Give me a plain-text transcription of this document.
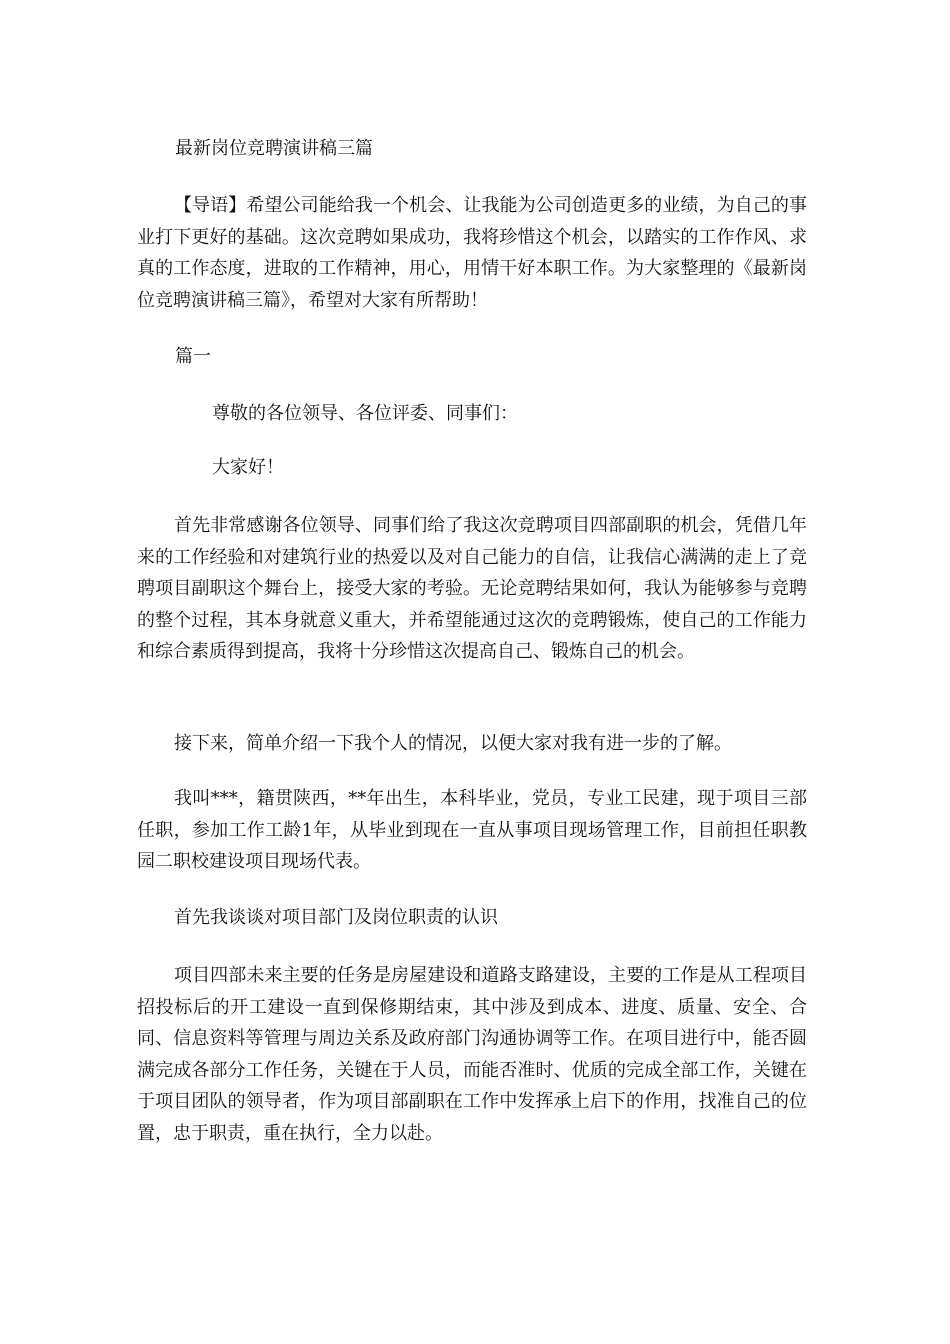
最新岗位竞聘演讲稿三篇

【导语】希望公司能给我一个机会、让我能为公司创造更多的业绩，为自己的事业打下更好的基础。这次竞聘如果成功，我将珍惜这个机会，以踏实的工作作风、求真的工作态度，进取的工作精神，用心，用情干好本职工作。为大家整理的《最新岗位竞聘演讲稿三篇》，希望对大家有所帮助！

篇一

尊敬的各位领导、各位评委、同事们：

大家好！

首先非常感谢各位领导、同事们给了我这次竞聘项目四部副职的机会，凭借几年来的工作经验和对建筑行业的热爱以及对自己能力的自信，让我信心满满的走上了竞聘项目副职这个舞台上，接受大家的考验。无论竞聘结果如何，我认为能够参与竞聘的整个过程，其本身就意义重大，并希望能通过这次的竞聘锻炼，使自己的工作能力和综合素质得到提高，我将十分珍惜这次提高自己、锻炼自己的机会。

接下来，简单介绍一下我个人的情况，以便大家对我有进一步的了解。

我叫***，籍贯陕西，**年出生，本科毕业，党员，专业工民建，现于项目三部任职，参加工作工龄1年，从毕业到现在一直从事项目现场管理工作，目前担任职教园二职校建设项目现场代表。

首先我谈谈对项目部门及岗位职责的认识

项目四部未来主要的任务是房屋建设和道路支路建设，主要的工作是从工程项目招投标后的开工建设一直到保修期结束，其中涉及到成本、进度、质量、安全、合同、信息资料等管理与周边关系及政府部门沟通协调等工作。在项目进行中，能否圆满完成各部分工作任务，关键在于人员，而能否准时、优质的完成全部工作，关键在于项目团队的领导者，作为项目部副职在工作中发挥承上启下的作用，找准自己的位置，忠于职责，重在执行，全力以赴。
